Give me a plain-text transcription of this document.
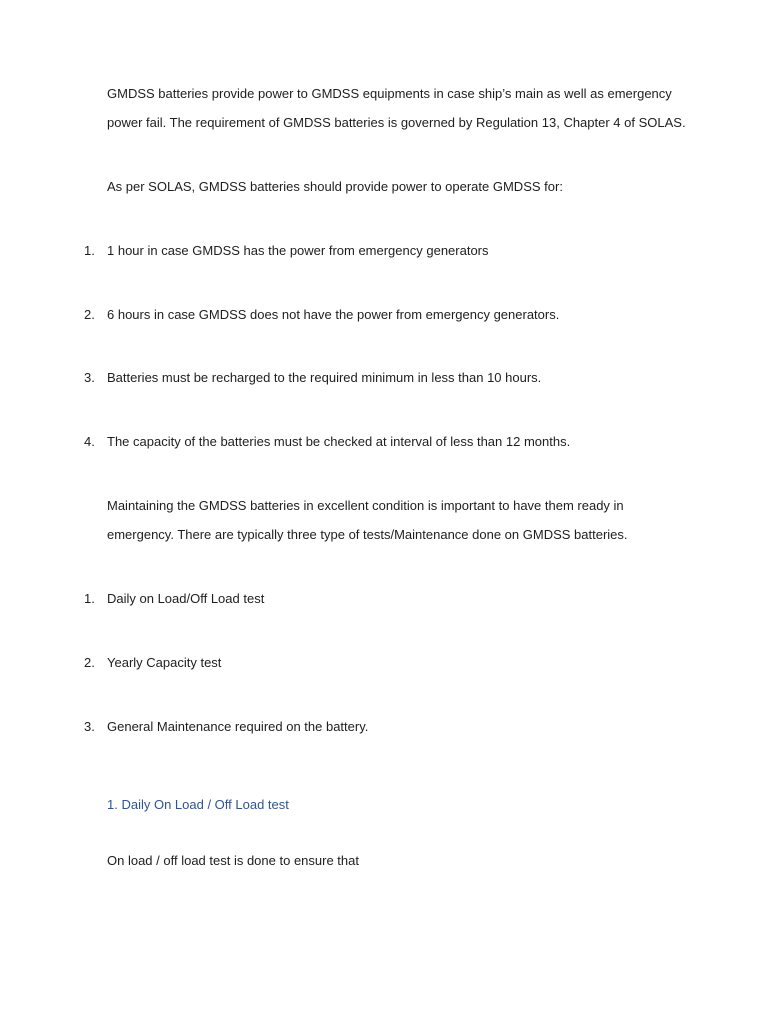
GMDSS batteries provide power to GMDSS equipments in case ship’s main as well as emergency
power fail. The requirement of GMDSS batteries is governed by Regulation 13, Chapter 4 of SOLAS.
As per SOLAS, GMDSS batteries should provide power to operate GMDSS for:
1. 1 hour in case GMDSS has the power from emergency generators
2. 6 hours in case GMDSS does not have the power from emergency generators.
3. Batteries must be recharged to the required minimum in less than 10 hours.
4. The capacity of the batteries must be checked at interval of less than 12 months.
Maintaining the GMDSS batteries in excellent condition is important to have them ready in
emergency. There are typically three type of tests/Maintenance done on GMDSS batteries.
1. Daily on Load/Off Load test
2. Yearly Capacity test
3. General Maintenance required on the battery.
1. Daily On Load / Off Load test
On load / off load test is done to ensure that
